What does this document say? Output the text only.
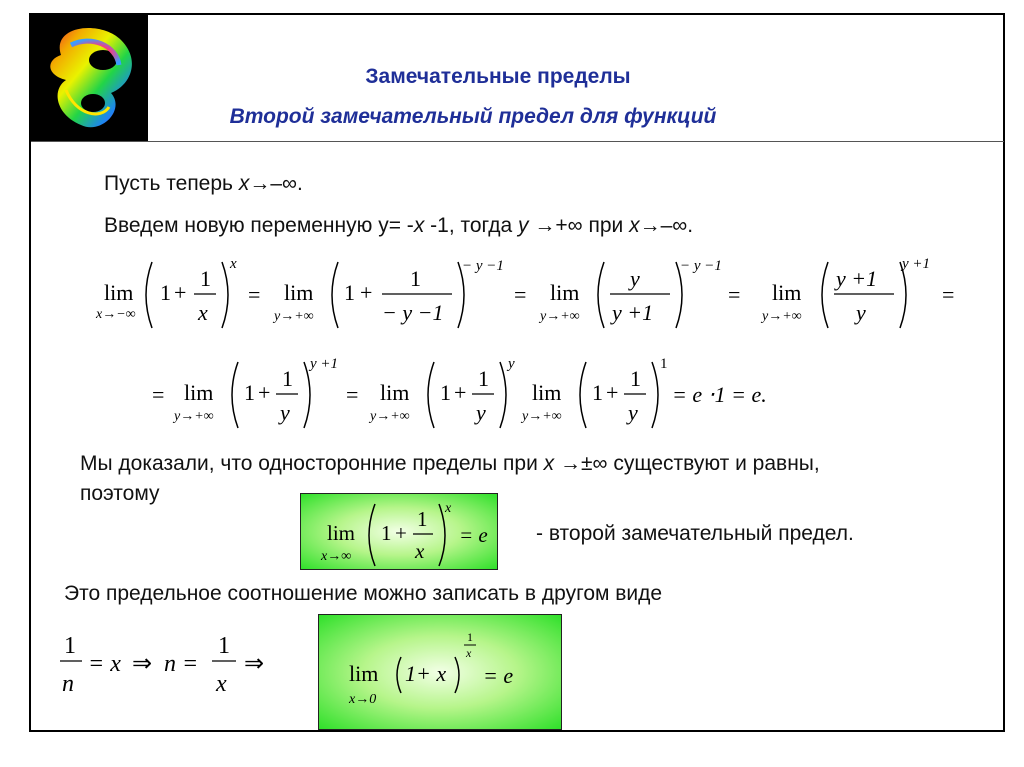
Замечательные пределы
Второй замечательный предел для функций
Пусть теперь x→–∞.
Введем новую переменную y= -x -1, тогда y →+∞ при x→–∞.
lim
x→−∞
1 +
1
x
x
= lim
y→+∞
1 +
1
− y −1
− y −1
= lim
y→+∞
y
y +1
− y −1
= lim
y→+∞
y +1
y
y +1
=
= lim
y→+∞
1 +
1
y
y +1
= lim
y→+∞
1 +
1
y
y
lim
y→+∞
1 +
1
y
1
= e ⋅1 = e.
Мы доказали, что односторонние пределы при x →±∞ существуют и равны,
поэтому
lim
x→∞
1 +
1
x
x
= e - второй замечательный предел.
Это предельное соотношение можно записать в другом виде
1
n
= x ⇒ n =
1
x
⇒	lim
x→0
1+ x
1
x
= e
